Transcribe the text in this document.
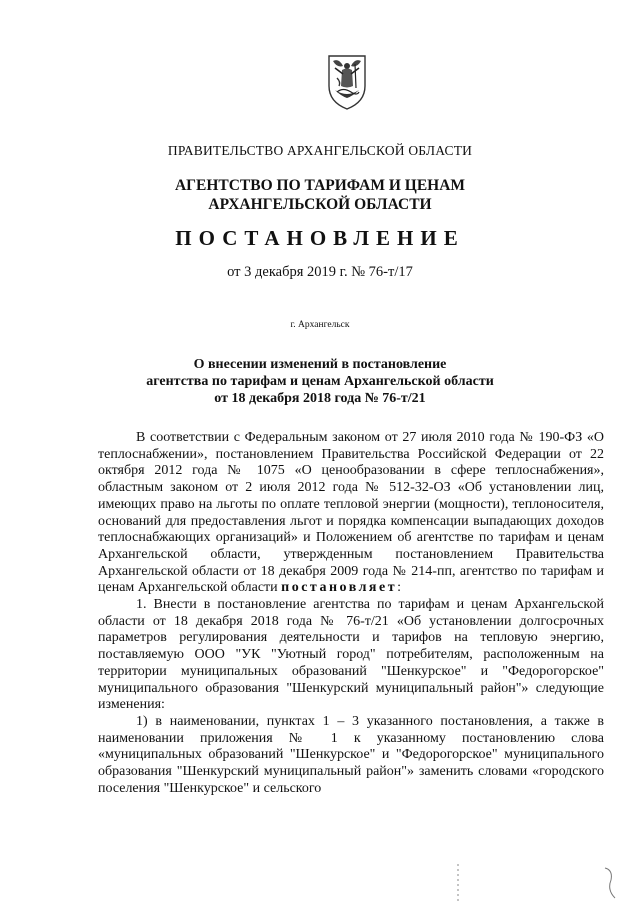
ПРАВИТЕЛЬСТВО АРХАНГЕЛЬСКОЙ ОБЛАСТИ
АГЕНТСТВО ПО ТАРИФАМ И ЦЕНАМ
АРХАНГЕЛЬСКОЙ ОБЛАСТИ
ПОСТАНОВЛЕНИЕ
от 3 декабря 2019 г. № 76-т/17
г. Архангельск
О внесении изменений в постановление
агентства по тарифам и ценам Архангельской области
от 18 декабря 2018 года № 76-т/21

В соответствии с Федеральным законом от 27 июля 2010 года № 190-ФЗ «О теплоснабжении», постановлением Правительства Российской Федерации от 22 октября 2012 года № 1075 «О ценообразовании в сфере теплоснабжения», областным законом от 2 июля 2012 года № 512-32-ОЗ «Об установлении лиц, имеющих право на льготы по оплате тепловой энергии (мощности), теплоносителя, оснований для предоставления льгот и порядка компенсации выпадающих доходов теплоснабжающих организаций» и Положением об агентстве по тарифам и ценам Архангельской области, утвержденным постановлением Правительства Архангельской области от 18 декабря 2009 года № 214-пп, агентство по тарифам и ценам Архангельской области постановляет:

1. Внести в постановление агентства по тарифам и ценам Архангельской области от 18 декабря 2018 года № 76-т/21 «Об установлении долгосрочных параметров регулирования деятельности и тарифов на тепловую энергию, поставляемую ООО "УК "Уютный город" потребителям, расположенным на территории муниципальных образований "Шенкурское" и "Федорогорское" муниципального образования "Шенкурский муниципальный район"» следующие изменения:

1) в наименовании, пунктах 1 – 3 указанного постановления, а также в наименовании приложения № 1 к указанному постановлению слова «муниципальных образований "Шенкурское" и "Федорогорское" муниципального образования "Шенкурский муниципальный район"» заменить словами «городского поселения "Шенкурское" и сельского
